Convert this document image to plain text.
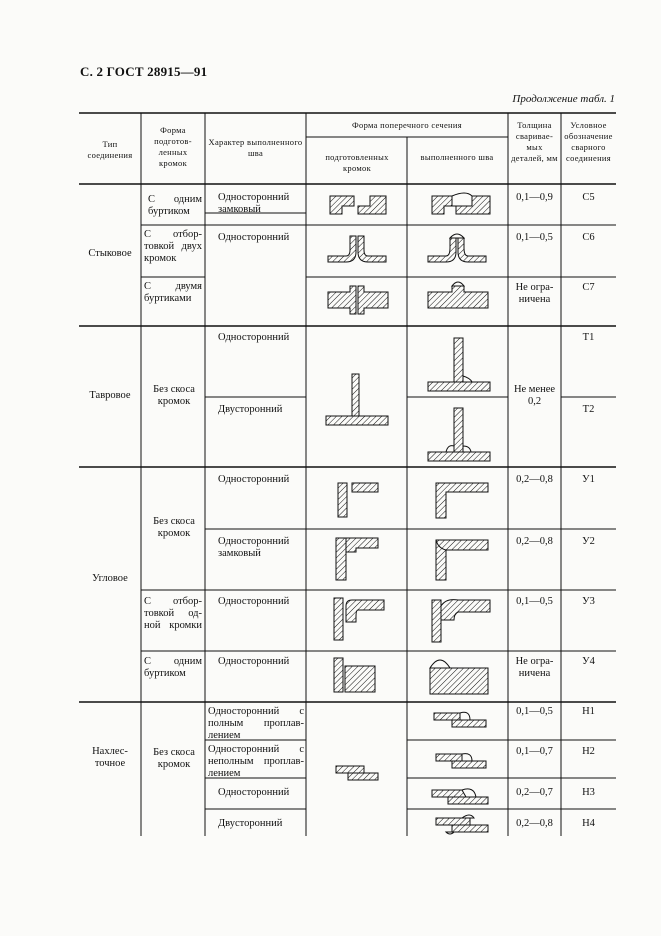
С. 2 ГОСТ 28915—91
Продолжение табл. 1
Тип соединения
Форма подготов-ленных кромок
Характер выполненного шва
Форма поперечного сечения
подготовленных кромок
выполненного шва
Толщина сваривае-мых деталей, мм
Условное обозначение сварного соединения
Стыковое
Тавровое
Угловое
Нахлес-точное
С одним буртиком
С отбор-товкой двух кромок
С двумя буртиками
Без скоса кромок
Без скоса кромок
С отбор-товкой од-ной кромки
С одним буртиком
Без скоса кромок
Односторонний замковый
Односторонний
Односторонний
Двусторонний
Односторонний
Односторонний замковый
Односторонний
Односторонний
Односторонний с полным проплав-лением
Односторонний с неполным проплав-лением
Односторонний
Двусторонний
0,1—0,9
0,1—0,5
Не огра-ничена
Не менее 0,2
0,2—0,8
0,2—0,8
0,1—0,5
Не огра-ничена
0,1—0,5
0,1—0,7
0,2—0,7
0,2—0,8
С5
С6
С7
Т1
Т2
У1
У2
У3
У4
Н1
Н2
Н3
Н4
